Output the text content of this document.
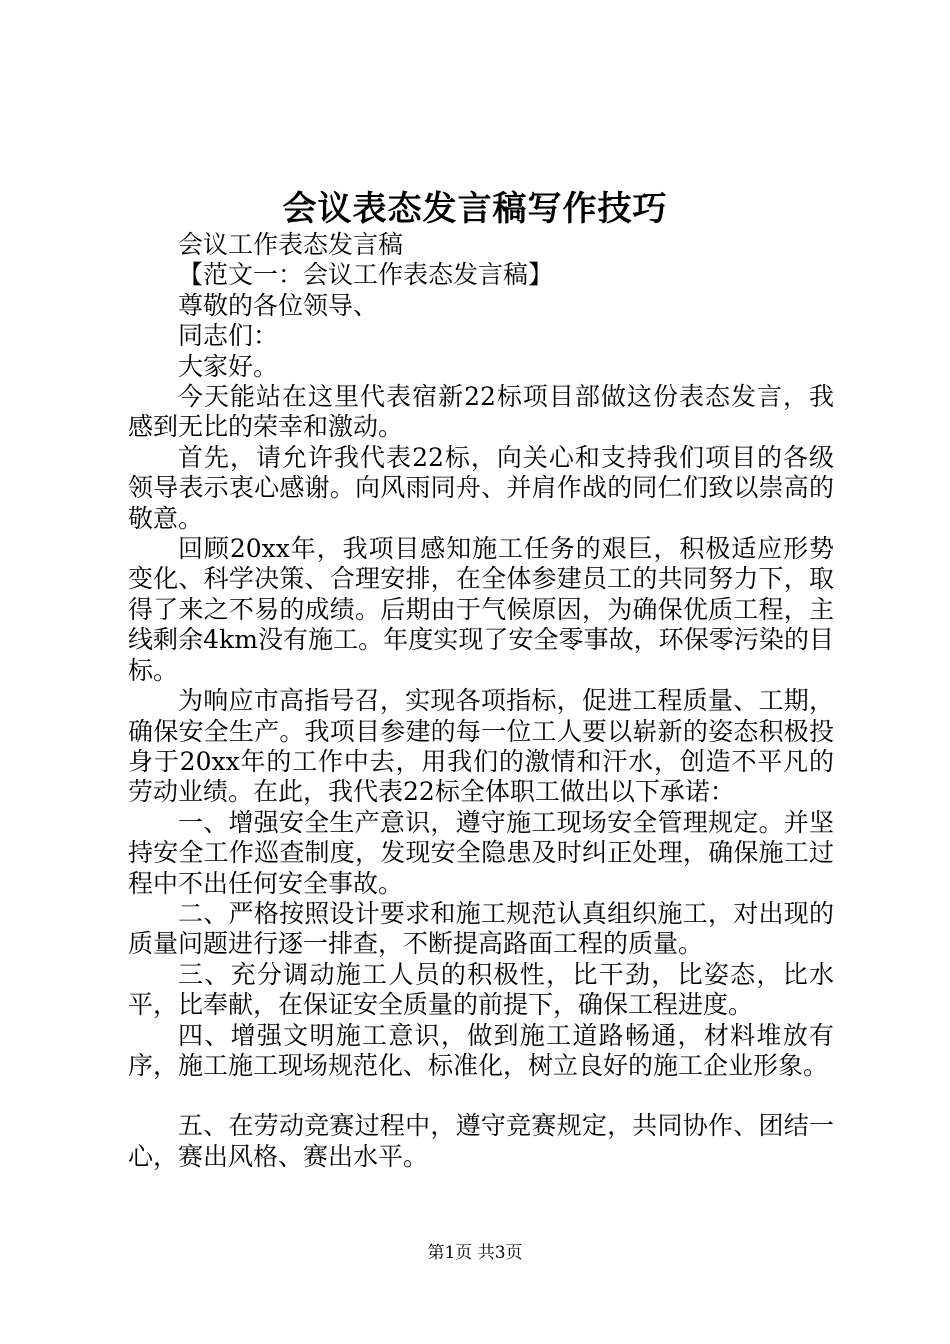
会议表态发言稿写作技巧

会议工作表态发言稿

【范文一：会议工作表态发言稿】

尊敬的各位领导、

同志们：

大家好。

今天能站在这里代表宿新22标项目部做这份表态发言，我感到无比的荣幸和激动。

首先，请允许我代表22标，向关心和支持我们项目的各级领导表示衷心感谢。向风雨同舟、并肩作战的同仁们致以崇高的敬意。

回顾20xx年，我项目感知施工任务的艰巨，积极适应形势变化、科学决策、合理安排，在全体参建员工的共同努力下，取得了来之不易的成绩。后期由于气候原因，为确保优质工程，主线剩余4km没有施工。年度实现了安全零事故，环保零污染的目标。

为响应市高指号召，实现各项指标，促进工程质量、工期，确保安全生产。我项目参建的每一位工人要以崭新的姿态积极投身于20xx年的工作中去，用我们的激情和汗水，创造不平凡的劳动业绩。在此，我代表22标全体职工做出以下承诺：

一、增强安全生产意识，遵守施工现场安全管理规定。并坚持安全工作巡查制度，发现安全隐患及时纠正处理，确保施工过程中不出任何安全事故。

二、严格按照设计要求和施工规范认真组织施工，对出现的质量问题进行逐一排查，不断提高路面工程的质量。

三、充分调动施工人员的积极性，比干劲，比姿态，比水平，比奉献，在保证安全质量的前提下，确保工程进度。

四、增强文明施工意识，做到施工道路畅通，材料堆放有序，施工施工现场规范化、标准化，树立良好的施工企业形象。

五、在劳动竞赛过程中，遵守竞赛规定，共同协作、团结一心，赛出风格、赛出水平。

第1页 共3页
